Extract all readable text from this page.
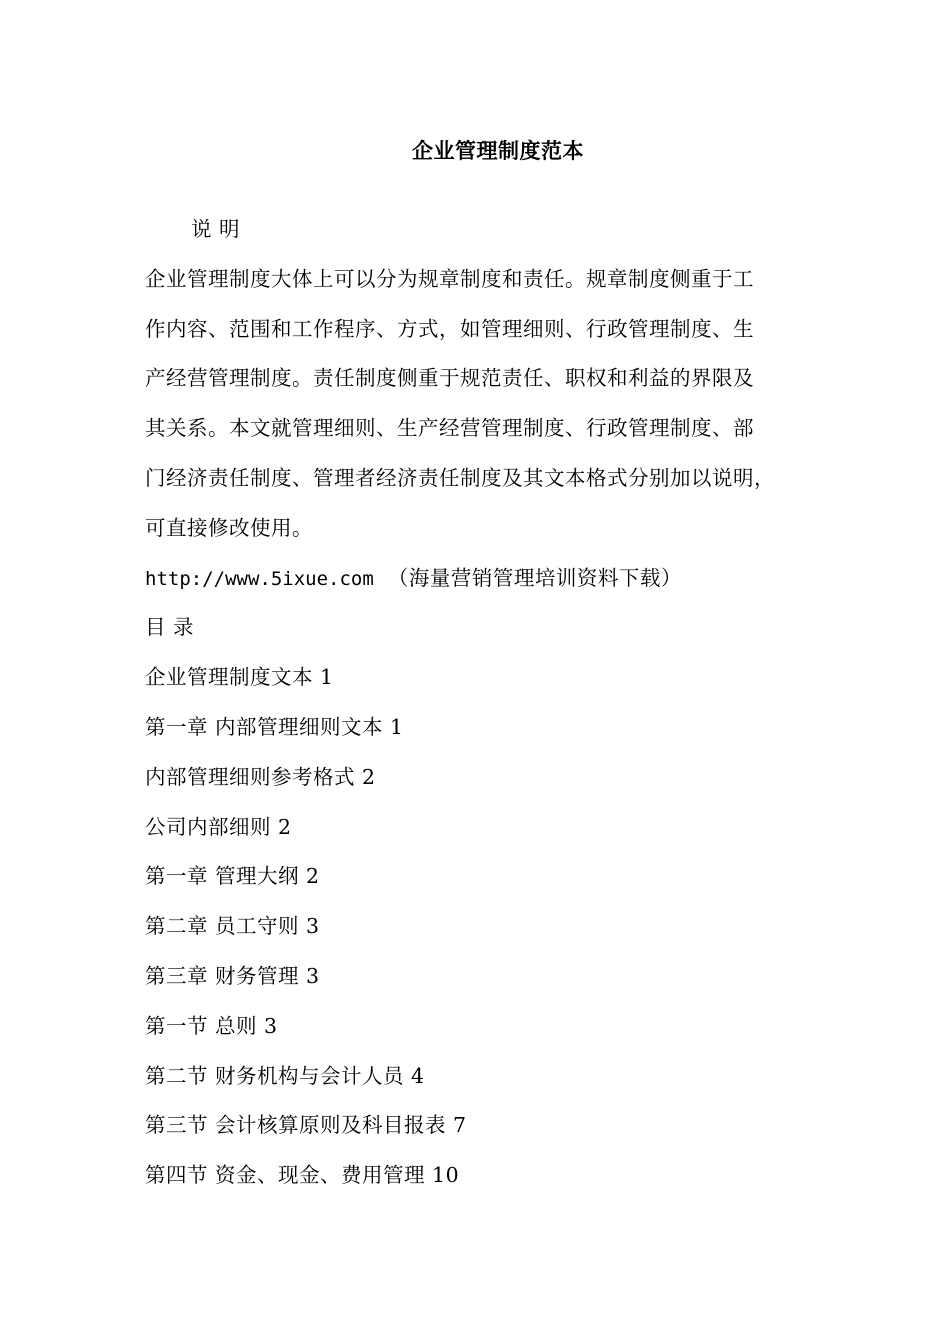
企业管理制度范本
说 明
企业管理制度大体上可以分为规章制度和责任。规章制度侧重于工
作内容、范围和工作程序、方式，如管理细则、行政管理制度、生
产经营管理制度。责任制度侧重于规范责任、职权和利益的界限及
其关系。本文就管理细则、生产经营管理制度、行政管理制度、部
门经济责任制度、管理者经济责任制度及其文本格式分别加以说明，
可直接修改使用。
http://www.5ixue.com （海量营销管理培训资料下载）
目 录
企业管理制度文本 1
第一章 内部管理细则文本 1
内部管理细则参考格式 2
公司内部细则 2
第一章 管理大纲 2
第二章 员工守则 3
第三章 财务管理 3
第一节 总则 3
第二节 财务机构与会计人员 4
第三节 会计核算原则及科目报表 7
第四节 资金、现金、费用管理 10
